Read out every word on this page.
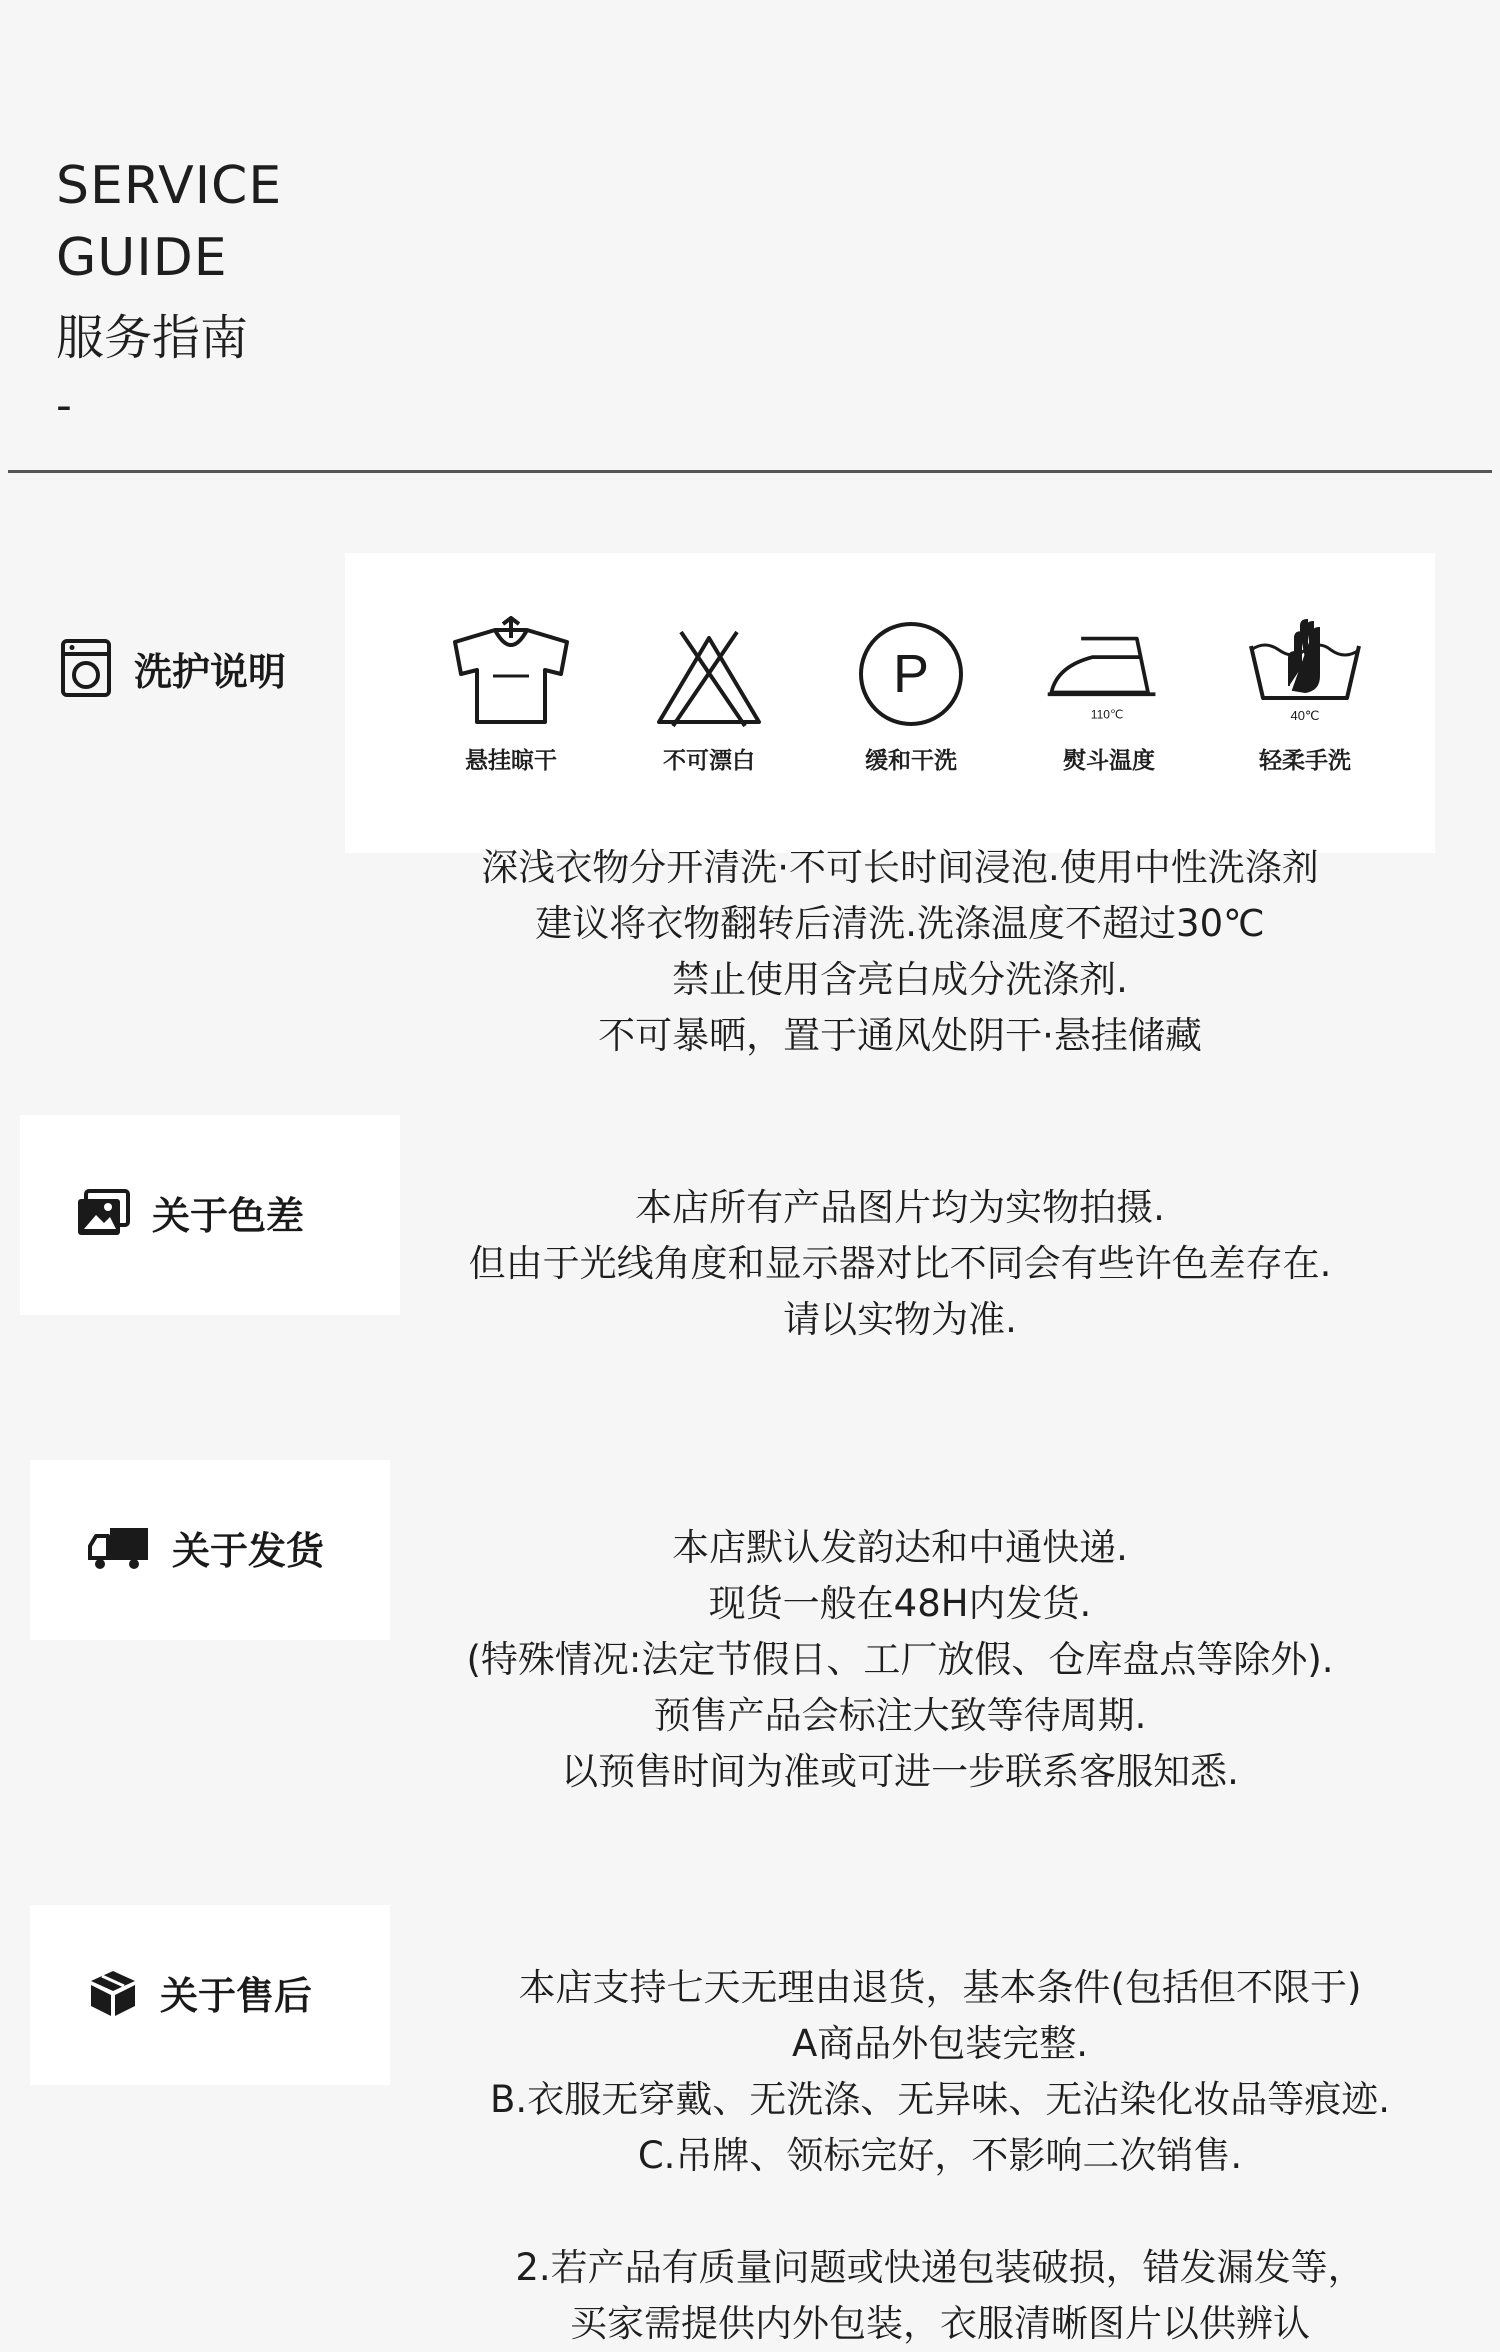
SERVICE
GUIDE
服务指南
-
洗护说明
悬挂晾干	不可漂白
P
缓和干洗
110℃
熨斗温度
40℃
轻柔手洗
深浅衣物分开清洗·不可长时间浸泡.使用中性洗涤剂
建议将衣物翻转后清洗.洗涤温度不超过30℃
禁止使用含亮白成分洗涤剂.
不可暴晒，置于通风处阴干·悬挂储藏
关于色差	本店所有产品图片均为实物拍摄.
但由于光线角度和显示器对比不同会有些许色差存在.
请以实物为准.
关于发货	本店默认发韵达和中通快递.
现货一般在48H内发货.
(特殊情况:法定节假日、工厂放假、仓库盘点等除外).
预售产品会标注大致等待周期.
以预售时间为准或可进一步联系客服知悉.
关于售后	本店支持七天无理由退货，基本条件(包括但不限于)
A商品外包装完整.
B.衣服无穿戴、无洗涤、无异味、无沾染化妆品等痕迹.
C.吊牌、领标完好，不影响二次销售.
2.若产品有质量问题或快递包装破损，错发漏发等，
买家需提供内外包装，衣服清晰图片以供辨认
